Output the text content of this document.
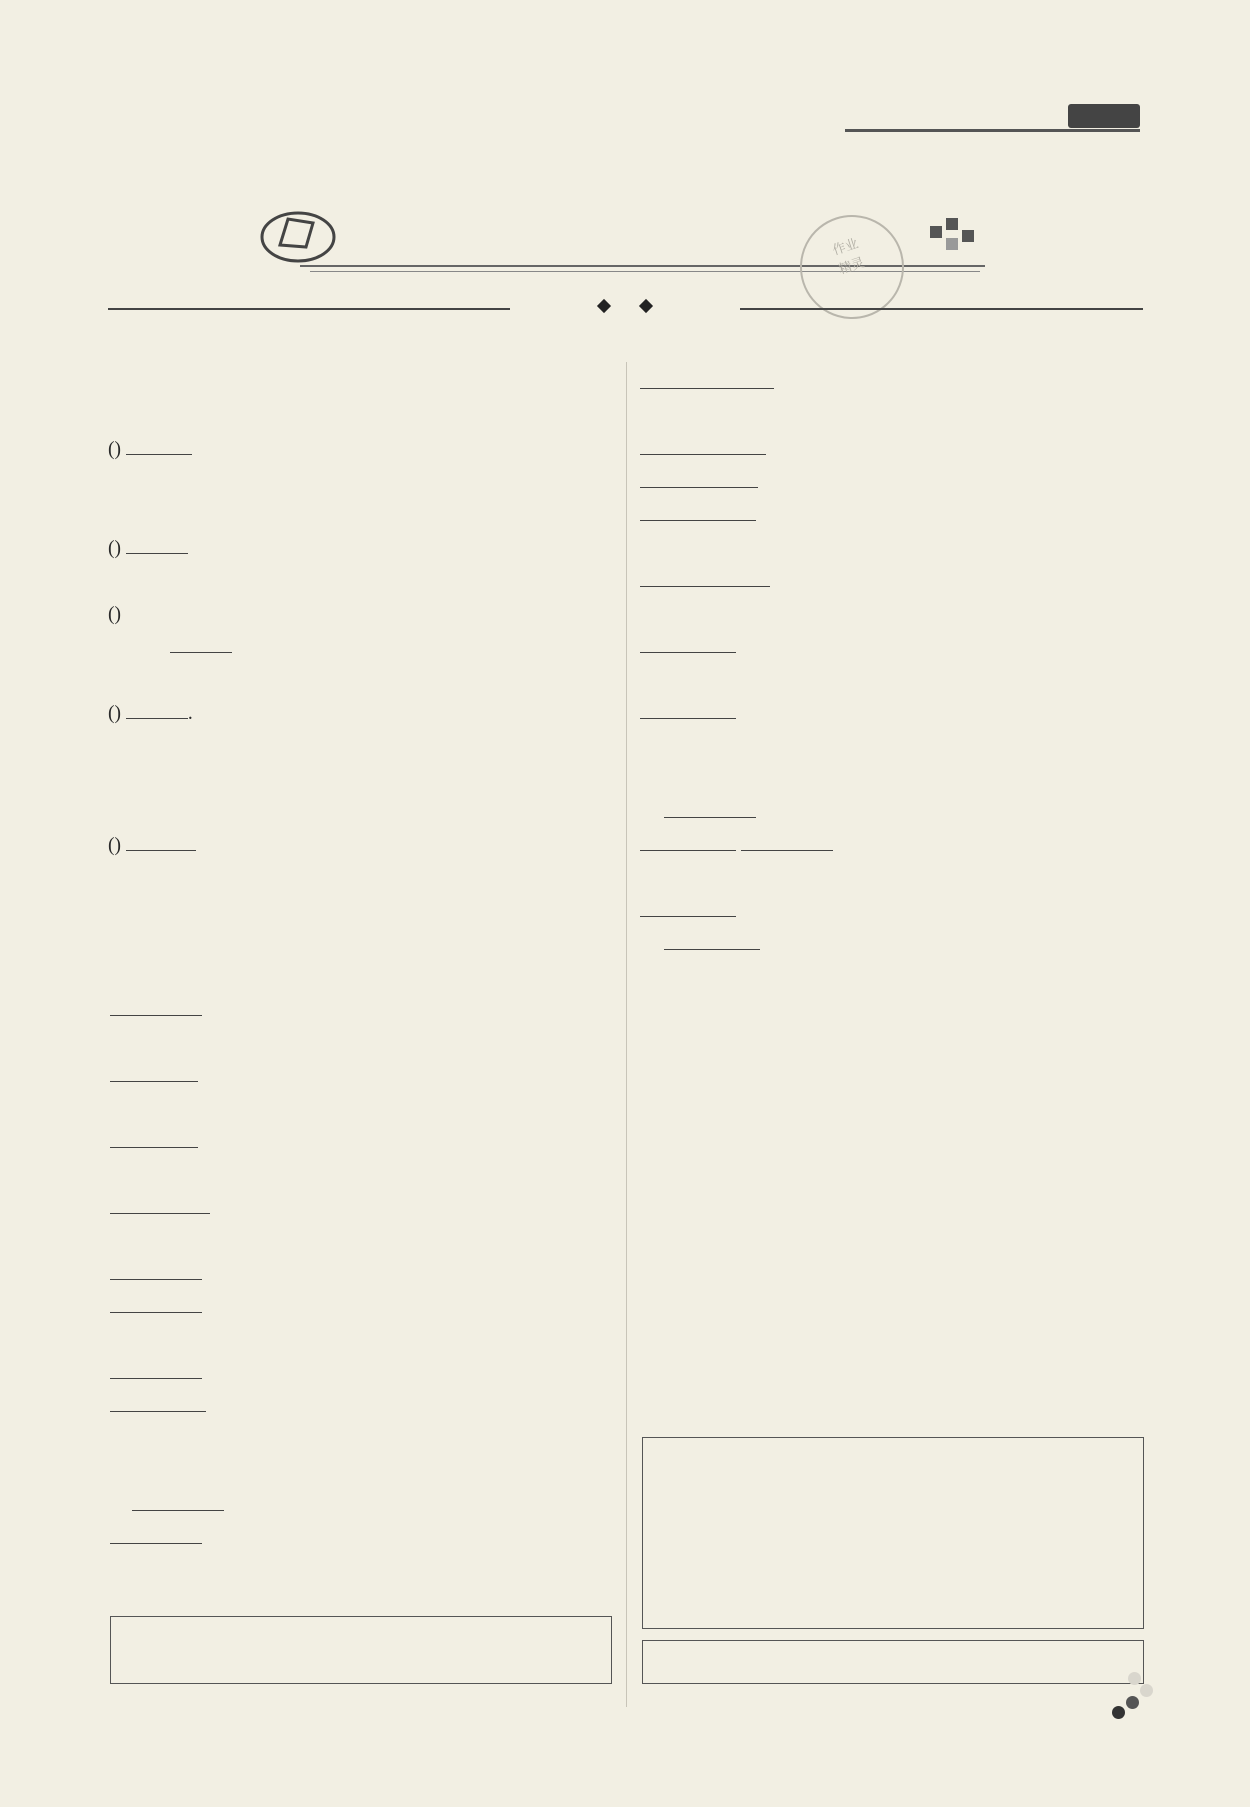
作业
精灵
()
()
()
()	.
()
